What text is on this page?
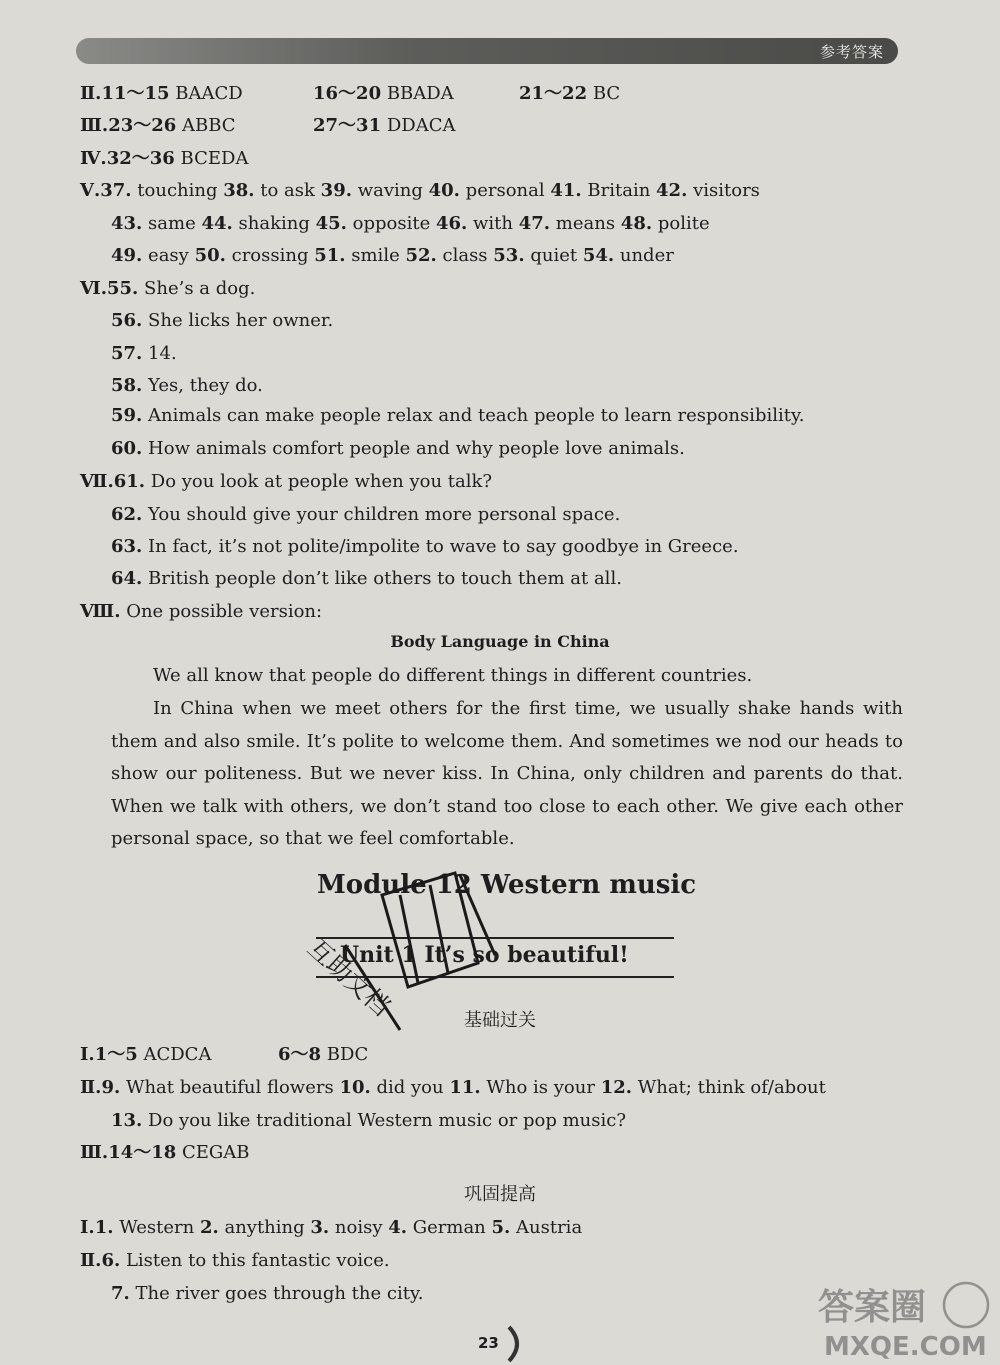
参考答案
Ⅱ.11～15 BAACD	16～20 BBADA	21～22 BC
Ⅲ.23～26 ABBC	27～31 DDACA
Ⅳ.32～36 BCEDA
Ⅴ.37. touching 38. to ask 39. waving 40. personal 41. Britain 42. visitors
43. same 44. shaking 45. opposite 46. with 47. means 48. polite
49. easy 50. crossing 51. smile 52. class 53. quiet 54. under
Ⅵ.55. She’s a dog.
56. She licks her owner.
57. 14.
58. Yes, they do.
59. Animals can make people relax and teach people to learn responsibility.
60. How animals comfort people and why people love animals.
Ⅶ.61. Do you look at people when you talk?
62. You should give your children more personal space.
63. In fact, it’s not polite/impolite to wave to say goodbye in Greece.
64. British people don’t like others to touch them at all.
Ⅷ. One possible version:
Ⅰ.1～5 ACDCA	6～8 BDC
Ⅱ.9. What beautiful flowers 10. did you 11. Who is your 12. What; think of/about
13. Do you like traditional Western music or pop music?
Ⅲ.14～18 CEGAB
Ⅰ.1. Western 2. anything 3. noisy 4. German 5. Austria
Ⅱ.6. Listen to this fantastic voice.
7. The river goes through the city.
Body Language in China
We all know that people do different things in different countries.
In China when we meet others for the first time, we usually shake hands with them and also smile. It’s polite to welcome them. And sometimes we nod our heads to show our politeness. But we never kiss. In China, only children and parents do that. When we talk with others, we don’t stand too close to each other. We give each other personal space, so that we feel comfortable.
Module 12 Western music
Unit 1 It’s so beautiful!
互助文档	基础过关
巩固提高
答案圈
MXQE.COM
23
